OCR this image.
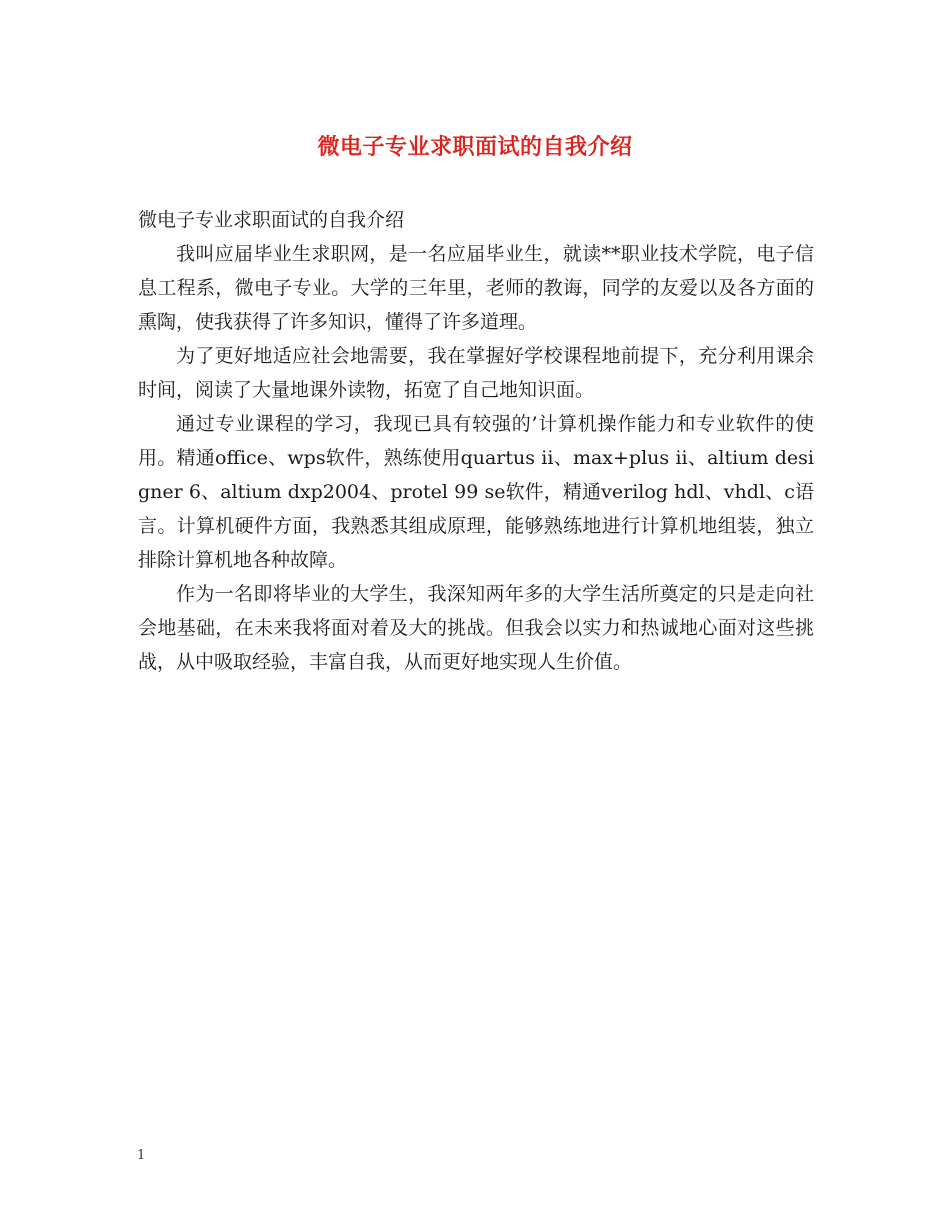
微电子专业求职面试的自我介绍

微电子专业求职面试的自我介绍

我叫应届毕业生求职网，是一名应届毕业生，就读**职业技术学院，电子信息工程系，微电子专业。大学的三年里，老师的教诲，同学的友爱以及各方面的熏陶，使我获得了许多知识，懂得了许多道理。

为了更好地适应社会地需要，我在掌握好学校课程地前提下，充分利用课余时间，阅读了大量地课外读物，拓宽了自己地知识面。

通过专业课程的学习，我现已具有较强的’计算机操作能力和专业软件的使用。精通office、wps软件，熟练使用quartus ii、max+plus ii、altium designer 6、altium dxp2004、protel 99 se软件，精通verilog hdl、vhdl、c语言。计算机硬件方面，我熟悉其组成原理，能够熟练地进行计算机地组装，独立排除计算机地各种故障。

作为一名即将毕业的大学生，我深知两年多的大学生活所奠定的只是走向社会地基础，在未来我将面对着及大的挑战。但我会以实力和热诚地心面对这些挑战，从中吸取经验，丰富自我，从而更好地实现人生价值。

1
